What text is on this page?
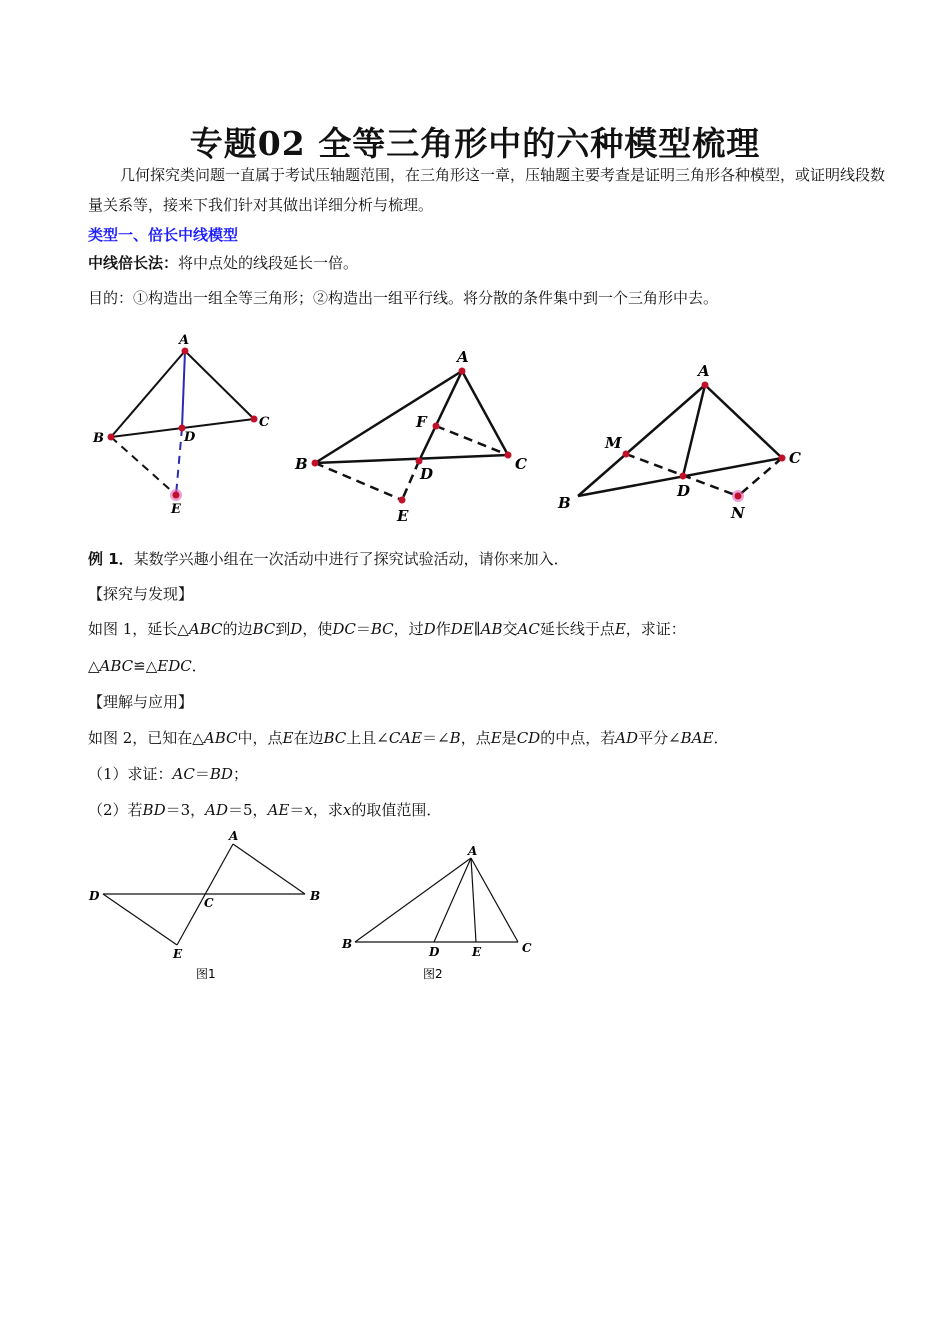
专题02 全等三角形中的六种模型梳理
几何探究类问题一直属于考试压轴题范围，在三角形这一章，压轴题主要考查是证明三角形各种模型，或证明线段数量关系等，接来下我们针对其做出详细分析与梳理。
类型一、倍长中线模型
中线倍长法：将中点处的线段延长一倍。
目的：①构造出一组全等三角形；②构造出一组平行线。将分散的条件集中到一个三角形中去。
A
B
C
D
E
A
B	C
D
E
F
A
B
C
D
M
N
例 1．某数学兴趣小组在一次活动中进行了探究试验活动，请你来加入．
【探究与发现】
如图 1，延长△ABC的边BC到D，使DC＝BC，过D作DE∥AB交AC延长线于点E，求证：
△ABC≌△EDC．
【理解与应用】
如图 2，已知在△ABC中，点E在边BC上且∠CAE＝∠B，点E是CD的中点，若AD平分∠BAE．
（1）求证：AC＝BD；
（2）若BD＝3，AD＝5，AE＝x，求x的取值范围．
A
B
C
D
E
图1
A
B	C
D	E
图2
